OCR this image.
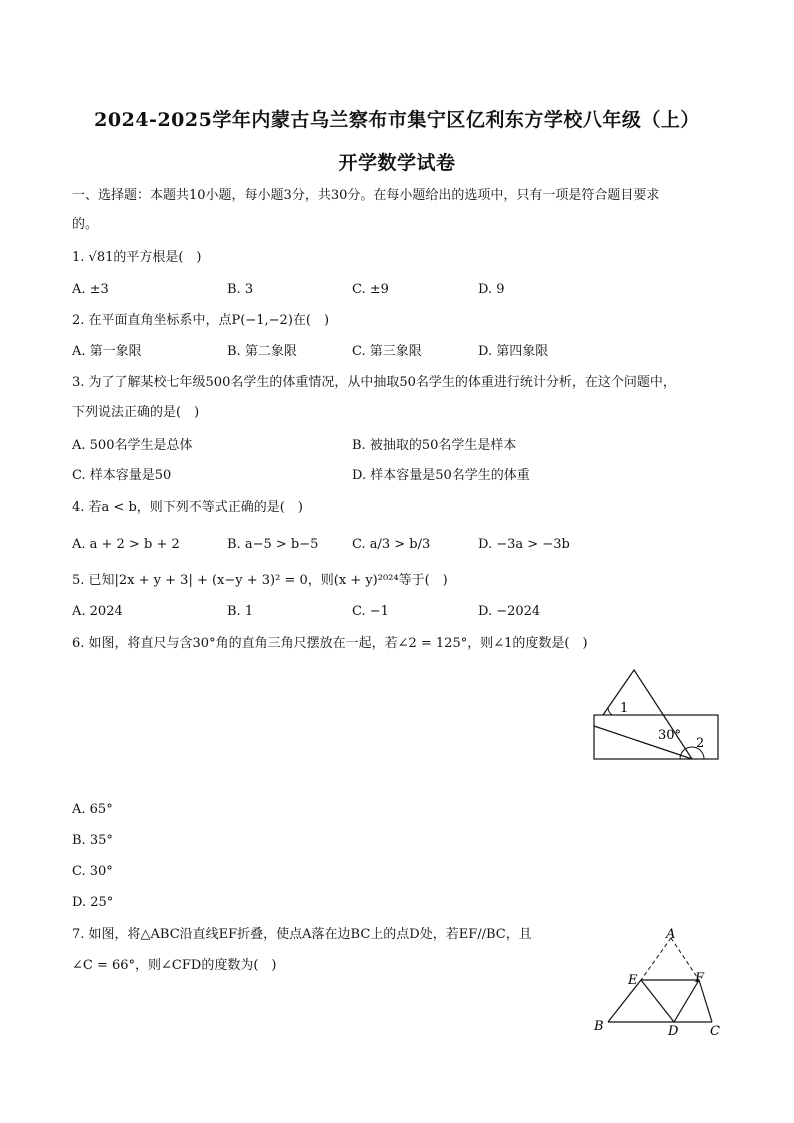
2024-2025学年内蒙古乌兰察布市集宁区亿利东方学校八年级（上）
开学数学试卷
一、选择题：本题共10小题，每小题3分，共30分。在每小题给出的选项中，只有一项是符合题目要求
的。
1. √81的平方根是(　)
A. ±3	B. 3	C. ±9	D. 9
2. 在平面直角坐标系中，点P(−1,−2)在(　)
A. 第一象限	B. 第二象限	C. 第三象限	D. 第四象限
3. 为了了解某校七年级500名学生的体重情况，从中抽取50名学生的体重进行统计分析，在这个问题中，
下列说法正确的是(　)
A. 500名学生是总体	B. 被抽取的50名学生是样本
C. 样本容量是50	D. 样本容量是50名学生的体重
4. 若a < b，则下列不等式正确的是(　)
A. a + 2 > b + 2	B. a−5 > b−5	C. a/3 > b/3	D. −3a > −3b
5. 已知|2x + y + 3| + (x−y + 3)² = 0，则(x + y)²⁰²⁴等于(　)
A. 2024	B. 1	C. −1	D. −2024
6. 如图，将直尺与含30°角的直角三角尺摆放在一起，若∠2 = 125°，则∠1的度数是(　)
1
30°
2
A. 65°
B. 35°
C. 30°
D. 25°
7. 如图，将△ABC沿直线EF折叠，使点A落在边BC上的点D处，若EF//BC，且
∠C = 66°，则∠CFD的度数为(　)
A
E	F
B	D C
